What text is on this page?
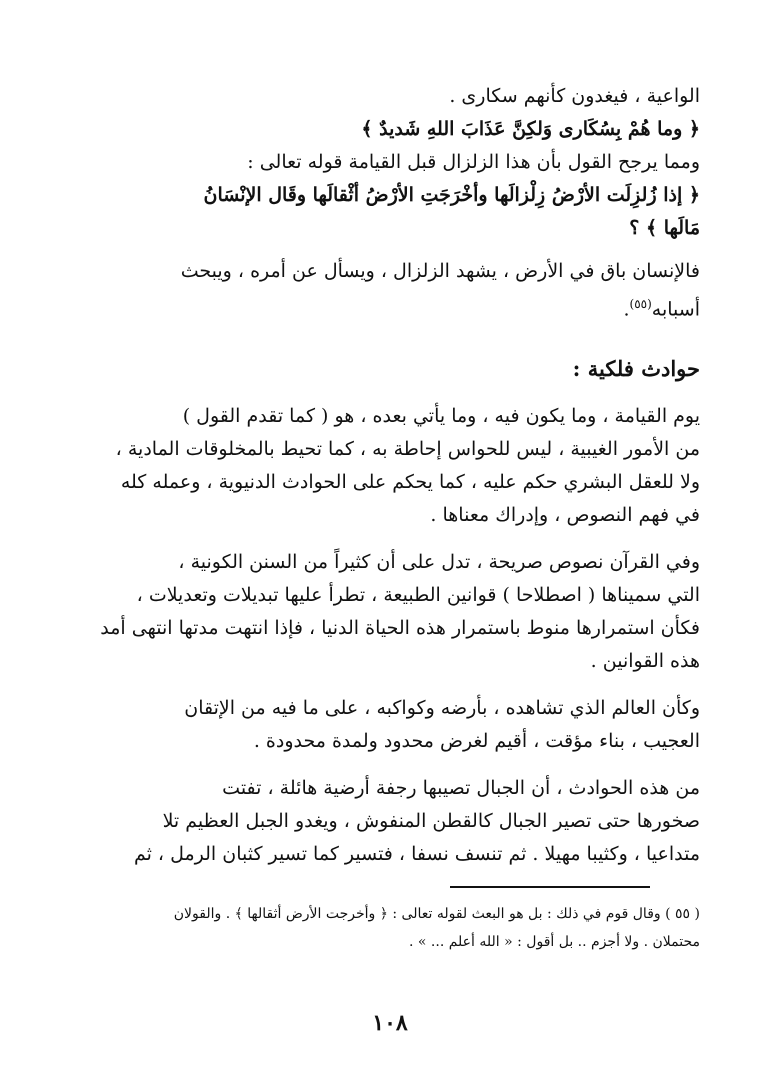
الواعية ، فيغدون كأنهم سكارى .

﴿ وما هُمْ بِسُكَارى وَلكِنَّ عَذَابَ اللهِ شَديدٌ ﴾

ومما يرجح القول بأن هذا الزلزال قبل القيامة قوله تعالى :

﴿ إذا زُلزِلَت الأرْضُ زِلْزالَها وأخْرَجَتِ الأرْضُ أثْقالَها وقَال الإنْسَانُ

مَالَها ﴾ ؟

فالإنسان باق في الأرض ، يشهد الزلزال ، ويسأل عن أمره ، ويبحث

أسبابه$^{(٥٥)}$.

حوادث فلكية :

يوم القيامة ، وما يكون فيه ، وما يأتي بعده ، هو ( كما تقدم القول )

من الأمور الغيبية ، ليس للحواس إحاطة به ، كما تحيط بالمخلوقات المادية ،

ولا للعقل البشري حكم عليه ، كما يحكم على الحوادث الدنيوية ، وعمله كله

في فهم النصوص ، وإدراك معناها .

وفي القرآن نصوص صريحة ، تدل على أن كثيراً من السنن الكونية ،

التي سميناها ( اصطلاحا ) قوانين الطبيعة ، تطرأ عليها تبديلات وتعديلات ،

فكأن استمرارها منوط باستمرار هذه الحياة الدنيا ، فإذا انتهت مدتها انتهى أمد

هذه القوانين .

وكأن العالم الذي تشاهده ، بأرضه وكواكبه ، على ما فيه من الإتقان

العجيب ، بناء مؤقت ، أقيم لغرض محدود ولمدة محدودة .

من هذه الحوادث ، أن الجبال تصيبها رجفة أرضية هائلة ، تفتت

صخورها حتى تصير الجبال كالقطن المنفوش ، ويغدو الجبل العظيم تلا

متداعيا ، وكثيبا مهيلا . ثم تنسف نسفا ، فتسير كما تسير كثبان الرمل ، ثم

( ٥٥ ) وقال قوم في ذلك : بل هو البعث لقوله تعالى : ﴿ وأخرجت الأرض أثقالها ﴾ . والقولان

محتملان . ولا أجزم .. بل أقول : « الله أعلم ... » .

١٠٨
